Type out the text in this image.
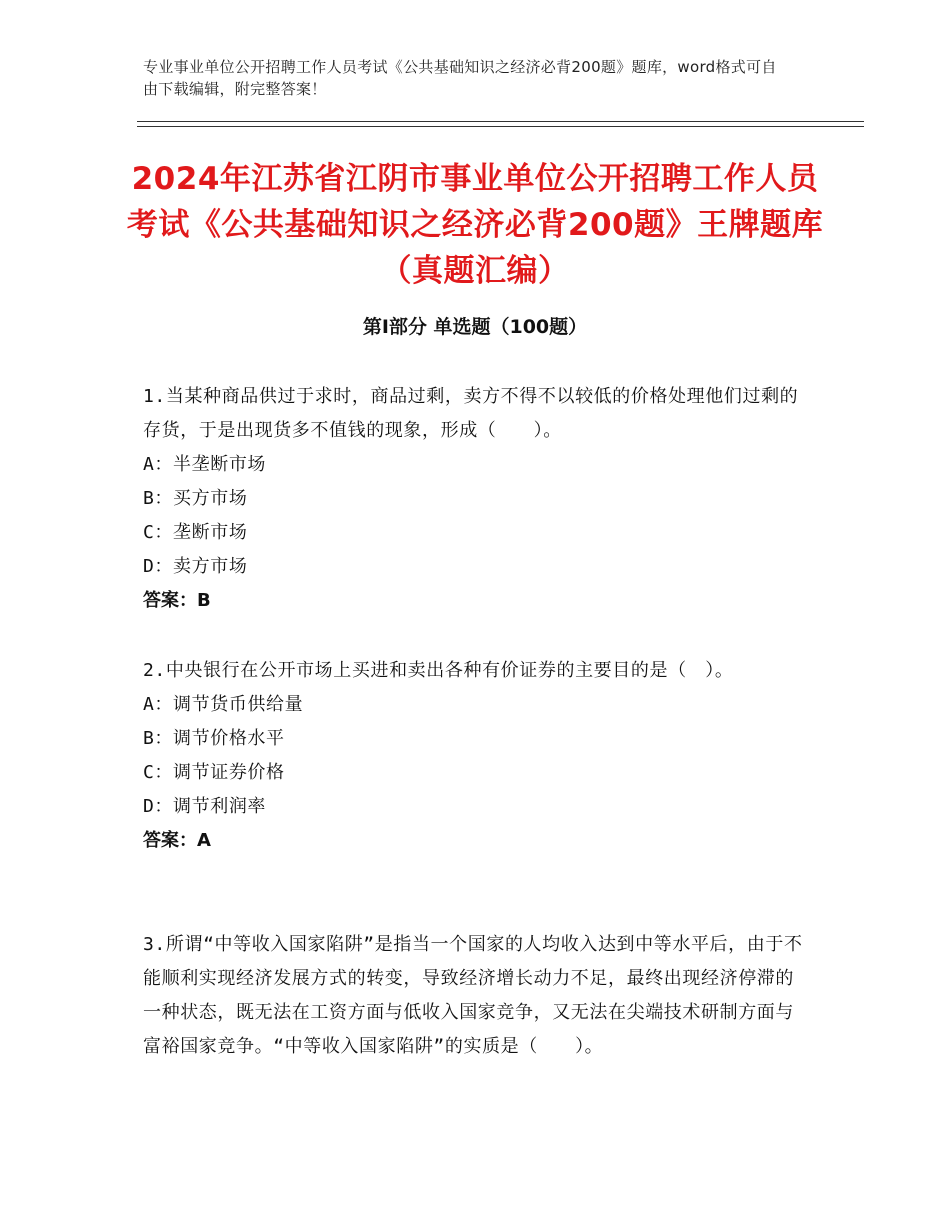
专业事业单位公开招聘工作人员考试《公共基础知识之经济必背200题》题库，word格式可自由下载编辑，附完整答案！
2024年江苏省江阴市事业单位公开招聘工作人员考试《公共基础知识之经济必背200题》王牌题库（真题汇编）
第Ⅰ部分 单选题（100题）

1.当某种商品供过于求时，商品过剩，卖方不得不以较低的价格处理他们过剩的存货，于是出现货多不值钱的现象，形成（　　）。

A：半垄断市场

B：买方市场

C：垄断市场

D：卖方市场

答案：B

2.中央银行在公开市场上买进和卖出各种有价证券的主要目的是（　）。

A：调节货币供给量

B：调节价格水平

C：调节证券价格

D：调节利润率

答案：A

3.所谓“中等收入国家陷阱”是指当一个国家的人均收入达到中等水平后，由于不能顺利实现经济发展方式的转变，导致经济增长动力不足，最终出现经济停滞的一种状态，既无法在工资方面与低收入国家竞争，又无法在尖端技术研制方面与富裕国家竞争。“中等收入国家陷阱”的实质是（　　）。
